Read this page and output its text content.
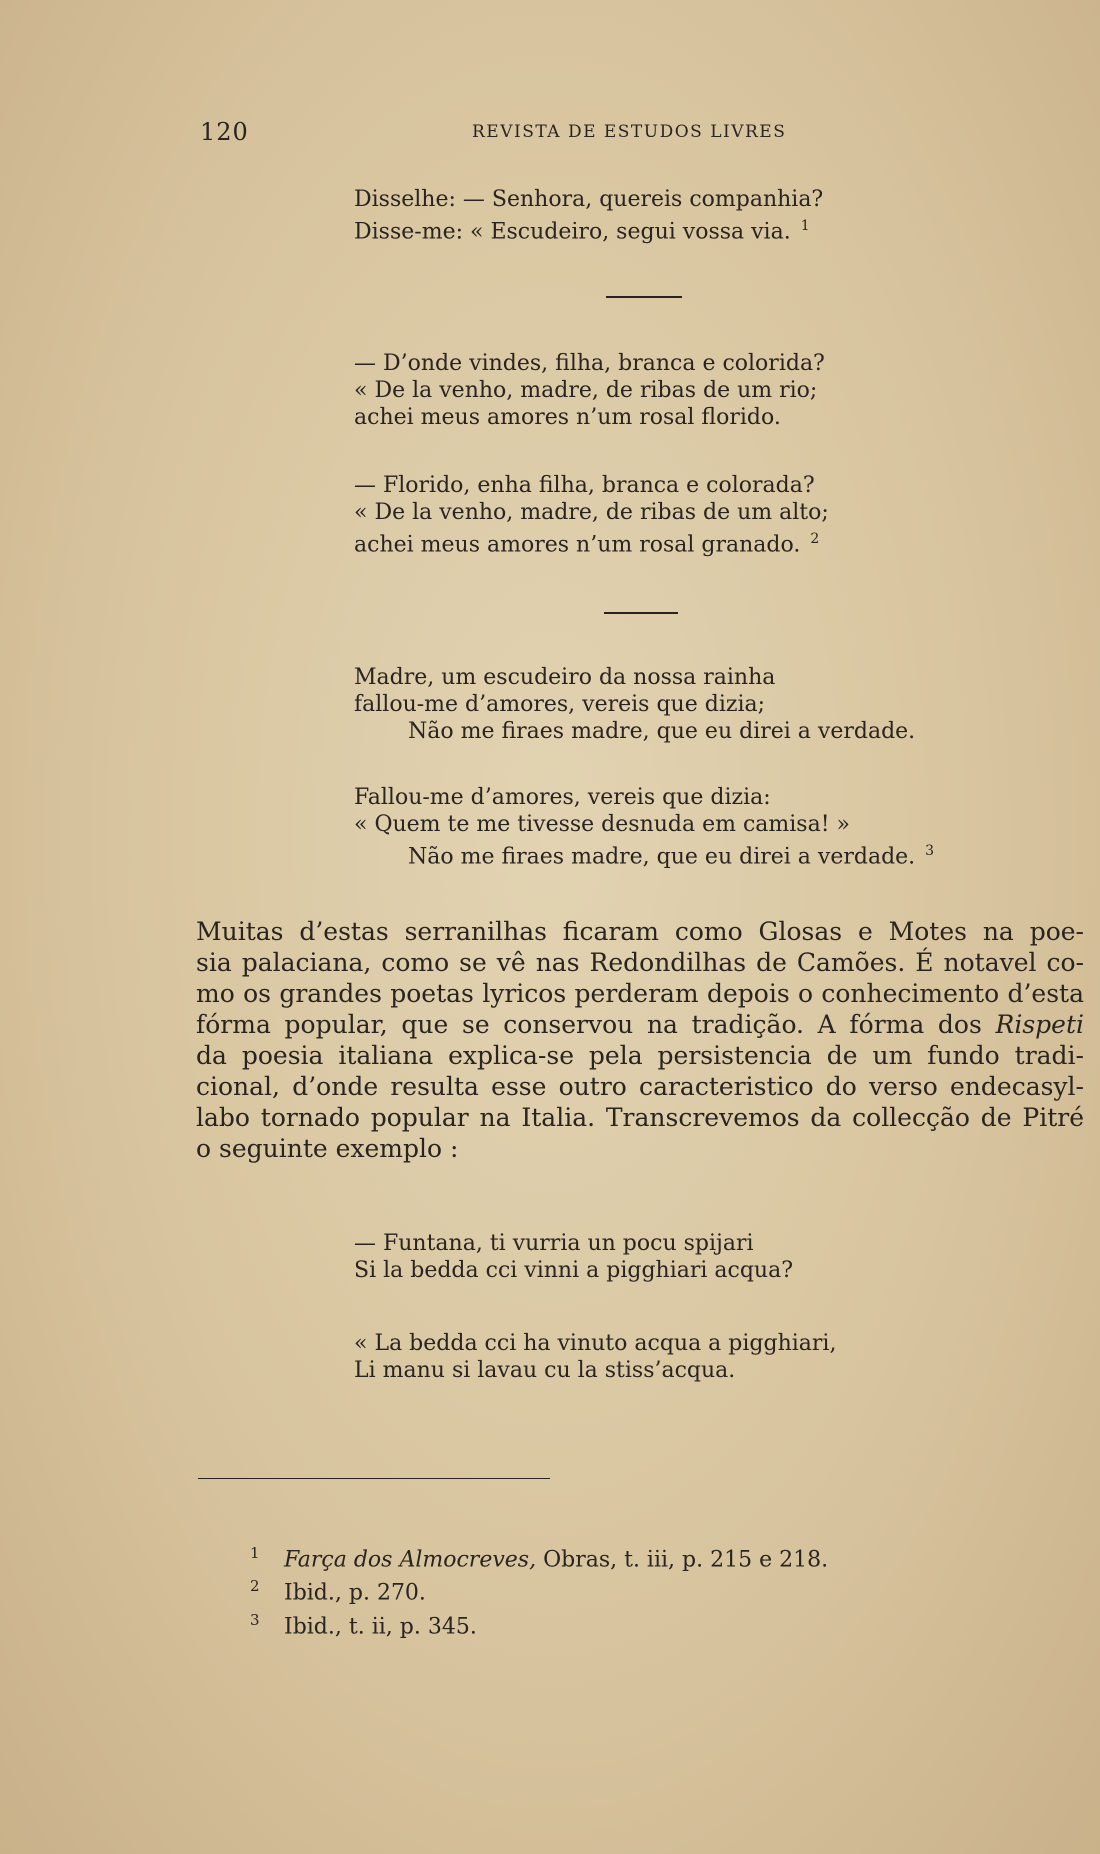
120	REVISTA DE ESTUDOS LIVRES
Disselhe: — Senhora, quereis companhia?
Disse-me: « Escudeiro, segui vossa via. $^1$
— D’onde vindes, filha, branca e colorida?
« De la venho, madre, de ribas de um rio;
achei meus amores n’um rosal florido.
— Florido, enha filha, branca e colorada?
« De la venho, madre, de ribas de um alto;
achei meus amores n’um rosal granado. $^2$
Madre, um escudeiro da nossa rainha
fallou-me d’amores, vereis que dizia;
Não me firaes madre, que eu direi a verdade.
Fallou-me d’amores, vereis que dizia:
« Quem te me tivesse desnuda em camisa! »
Não me firaes madre, que eu direi a verdade. $^3$
Muitas d’estas serranilhas ficaram como Glosas e Motes na poe-
sia palaciana, como se vê nas Redondilhas de Camões. É notavel co-
mo os grandes poetas lyricos perderam depois o conhecimento d’esta
fórma popular, que se conservou na tradição. A fórma dos Rispeti
da poesia italiana explica-se pela persistencia de um fundo tradi-
cional, d’onde resulta esse outro caracteristico do verso endecasyl-
labo tornado popular na Italia. Transcrevemos da collecção de Pitré
o seguinte exemplo :
— Funtana, ti vurria un pocu spijari
Si la bedda cci vinni a pigghiari acqua?
« La bedda cci ha vinuto acqua a pigghiari,
Li manu si lavau cu la stiss’acqua.
1 Farça dos Almocreves, Obras, t. iii, p. 215 e 218.
2 Ibid., p. 270.
3 Ibid., t. ii, p. 345.
